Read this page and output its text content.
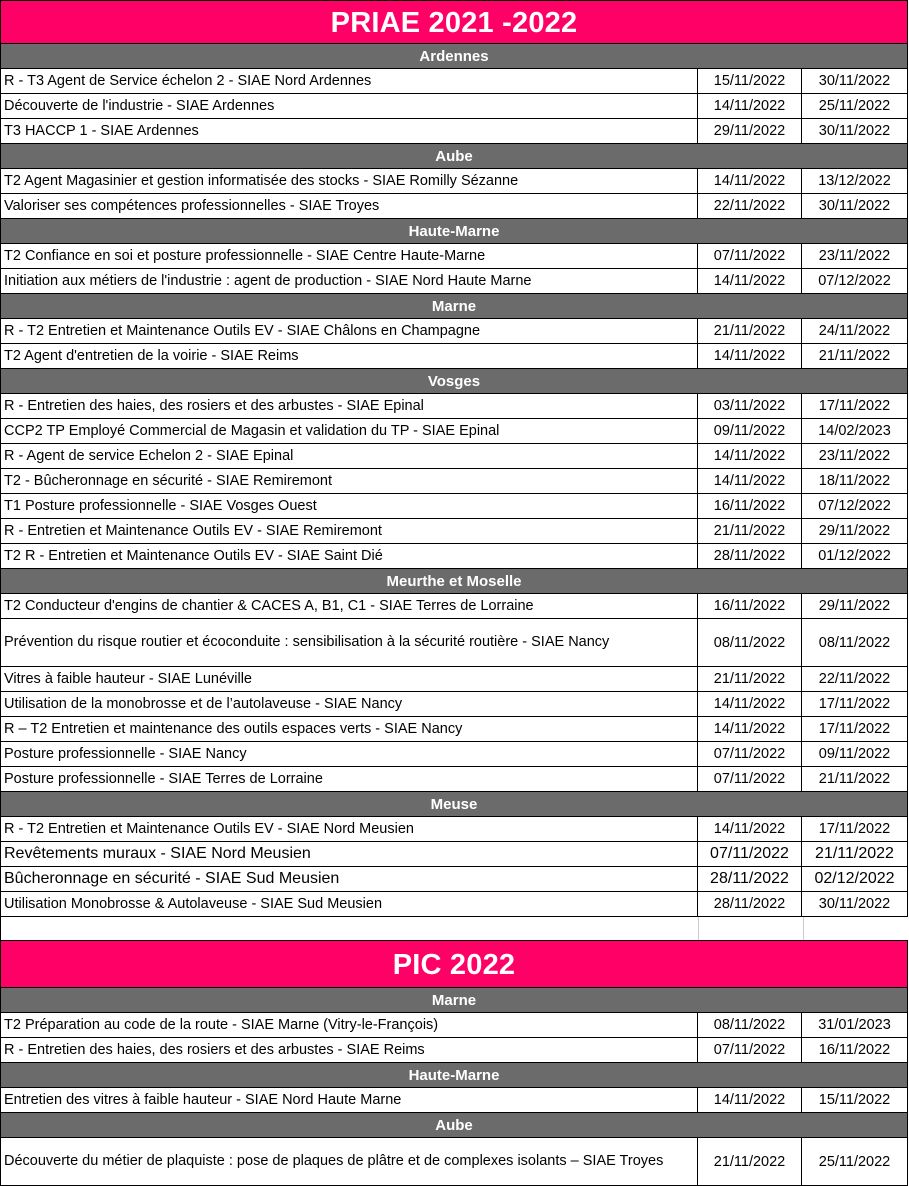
PRIAE 2021 -2022
Ardennes
R - T3 Agent de Service échelon 2 - SIAE Nord Ardennes	15/11/2022	30/11/2022
Découverte de l'industrie - SIAE Ardennes	14/11/2022	25/11/2022
T3 HACCP 1 - SIAE Ardennes	29/11/2022	30/11/2022
Aube
T2 Agent Magasinier et gestion informatisée des stocks - SIAE Romilly Sézanne	14/11/2022	13/12/2022
Valoriser ses compétences professionnelles - SIAE Troyes	22/11/2022	30/11/2022
Haute-Marne
T2 Confiance en soi et posture professionnelle - SIAE Centre Haute-Marne	07/11/2022	23/11/2022
Initiation aux métiers de l'industrie : agent de production - SIAE Nord Haute Marne	14/11/2022	07/12/2022
Marne
R - T2 Entretien et Maintenance Outils EV - SIAE Châlons en Champagne	21/11/2022	24/11/2022
T2 Agent d'entretien de la voirie - SIAE Reims	14/11/2022	21/11/2022
Vosges
R - Entretien des haies, des rosiers et des arbustes - SIAE Epinal	03/11/2022	17/11/2022
CCP2 TP Employé Commercial de Magasin et validation du TP - SIAE Epinal	09/11/2022	14/02/2023
R - Agent de service Echelon 2 - SIAE Epinal	14/11/2022	23/11/2022
T2 - Bûcheronnage en sécurité - SIAE Remiremont	14/11/2022	18/11/2022
T1 Posture professionnelle - SIAE Vosges Ouest	16/11/2022	07/12/2022
R - Entretien et Maintenance Outils EV - SIAE Remiremont	21/11/2022	29/11/2022
T2 R - Entretien et Maintenance Outils EV - SIAE Saint Dié	28/11/2022	01/12/2022
Meurthe et Moselle
T2 Conducteur d'engins de chantier & CACES A, B1, C1 - SIAE Terres de Lorraine	16/11/2022	29/11/2022
Prévention du risque routier et écoconduite : sensibilisation à la sécurité routière - SIAE Nancy	08/11/2022	08/11/2022
Vitres à faible hauteur - SIAE Lunéville	21/11/2022	22/11/2022
Utilisation de la monobrosse et de l’autolaveuse - SIAE Nancy	14/11/2022	17/11/2022
R – T2 Entretien et maintenance des outils espaces verts - SIAE Nancy	14/11/2022	17/11/2022
Posture professionnelle - SIAE Nancy	07/11/2022	09/11/2022
Posture professionnelle - SIAE Terres de Lorraine	07/11/2022	21/11/2022
Meuse
R - T2 Entretien et Maintenance Outils EV - SIAE Nord Meusien	14/11/2022	17/11/2022
Revêtements muraux - SIAE Nord Meusien	07/11/2022	21/11/2022
Bûcheronnage en sécurité - SIAE Sud Meusien	28/11/2022	02/12/2022
Utilisation Monobrosse & Autolaveuse - SIAE Sud Meusien	28/11/2022	30/11/2022
PIC 2022
Marne
T2 Préparation au code de la route - SIAE Marne (Vitry-le-François)	08/11/2022	31/01/2023
R - Entretien des haies, des rosiers et des arbustes - SIAE Reims	07/11/2022	16/11/2022
Haute-Marne
Entretien des vitres à faible hauteur - SIAE Nord Haute Marne	14/11/2022	15/11/2022
Aube
Découverte du métier de plaquiste : pose de plaques de plâtre et de complexes isolants – SIAE Troyes	21/11/2022	25/11/2022
